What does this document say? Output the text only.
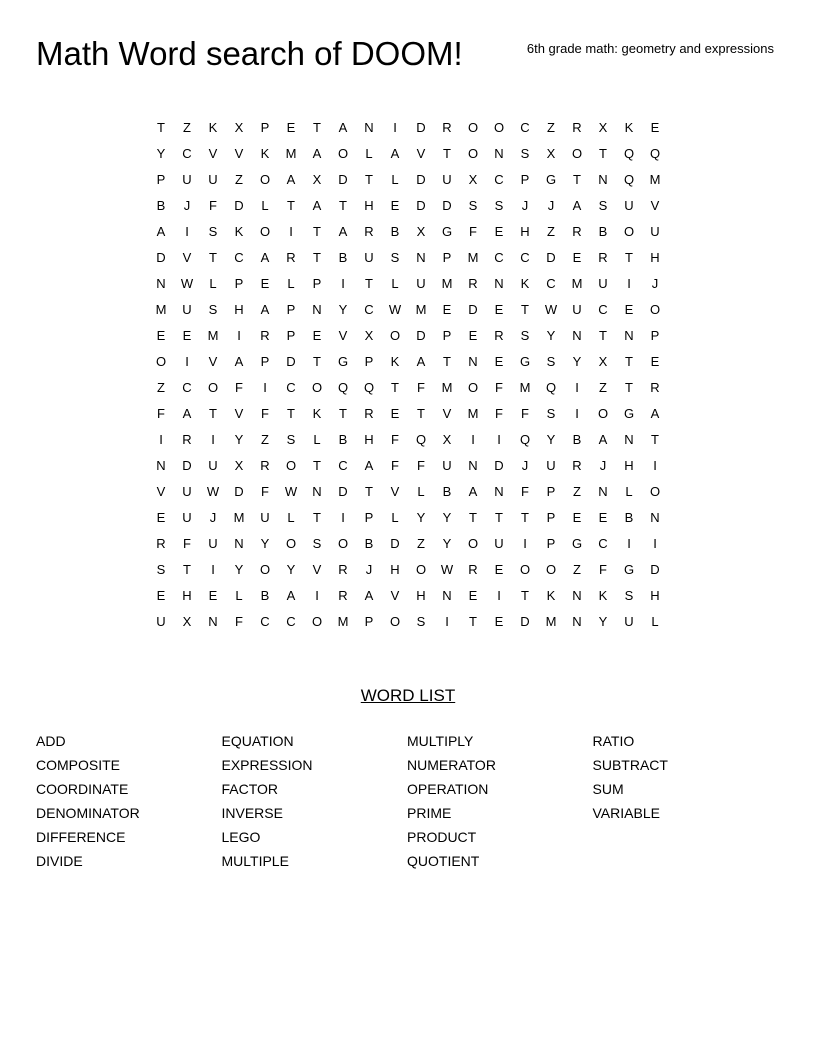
Math Word search of DOOM!	6th grade math: geometry and expressions
T	Z	K	X	P	E	T	A	N	I	D	R	O	O	C	Z	R	X	K	E
Y	C	V	V	K	M	A	O	L	A	V	T	O	N	S	X	O	T	Q	Q
P	U	U	Z	O	A	X	D	T	L	D	U	X	C	P	G	T	N	Q	M
B	J	F	D	L	T	A	T	H	E	D	D	S	S	J	J	A	S	U	V
A	I	S	K	O	I	T	A	R	B	X	G	F	E	H	Z	R	B	O	U
D	V	T	C	A	R	T	B	U	S	N	P	M	C	C	D	E	R	T	H
N	W	L	P	E	L	P	I	T	L	U	M	R	N	K	C	M	U	I	J
M	U	S	H	A	P	N	Y	C	W	M	E	D	E	T	W	U	C	E	O
E	E	M	I	R	P	E	V	X	O	D	P	E	R	S	Y	N	T	N	P
O	I	V	A	P	D	T	G	P	K	A	T	N	E	G	S	Y	X	T	E
Z	C	O	F	I	C	O	Q	Q	T	F	M	O	F	M	Q	I	Z	T	R
F	A	T	V	F	T	K	T	R	E	T	V	M	F	F	S	I	O	G	A
I	R	I	Y	Z	S	L	B	H	F	Q	X	I	I	Q	Y	B	A	N	T
N	D	U	X	R	O	T	C	A	F	F	U	N	D	J	U	R	J	H	I
V	U	W	D	F	W	N	D	T	V	L	B	A	N	F	P	Z	N	L	O
E	U	J	M	U	L	T	I	P	L	Y	Y	T	T	T	P	E	E	B	N
R	F	U	N	Y	O	S	O	B	D	Z	Y	O	U	I	P	G	C	I	I
S	T	I	Y	O	Y	V	R	J	H	O	W	R	E	O	O	Z	F	G	D
E	H	E	L	B	A	I	R	A	V	H	N	E	I	T	K	N	K	S	H
U	X	N	F	C	C	O	M	P	O	S	I	T	E	D	M	N	Y	U	L
WORD LIST
ADD
COMPOSITE
COORDINATE
DENOMINATOR
DIFFERENCE
DIVIDE
EQUATION
EXPRESSION
FACTOR
INVERSE
LEGO
MULTIPLE
MULTIPLY
NUMERATOR
OPERATION
PRIME
PRODUCT
QUOTIENT
RATIO
SUBTRACT
SUM
VARIABLE
